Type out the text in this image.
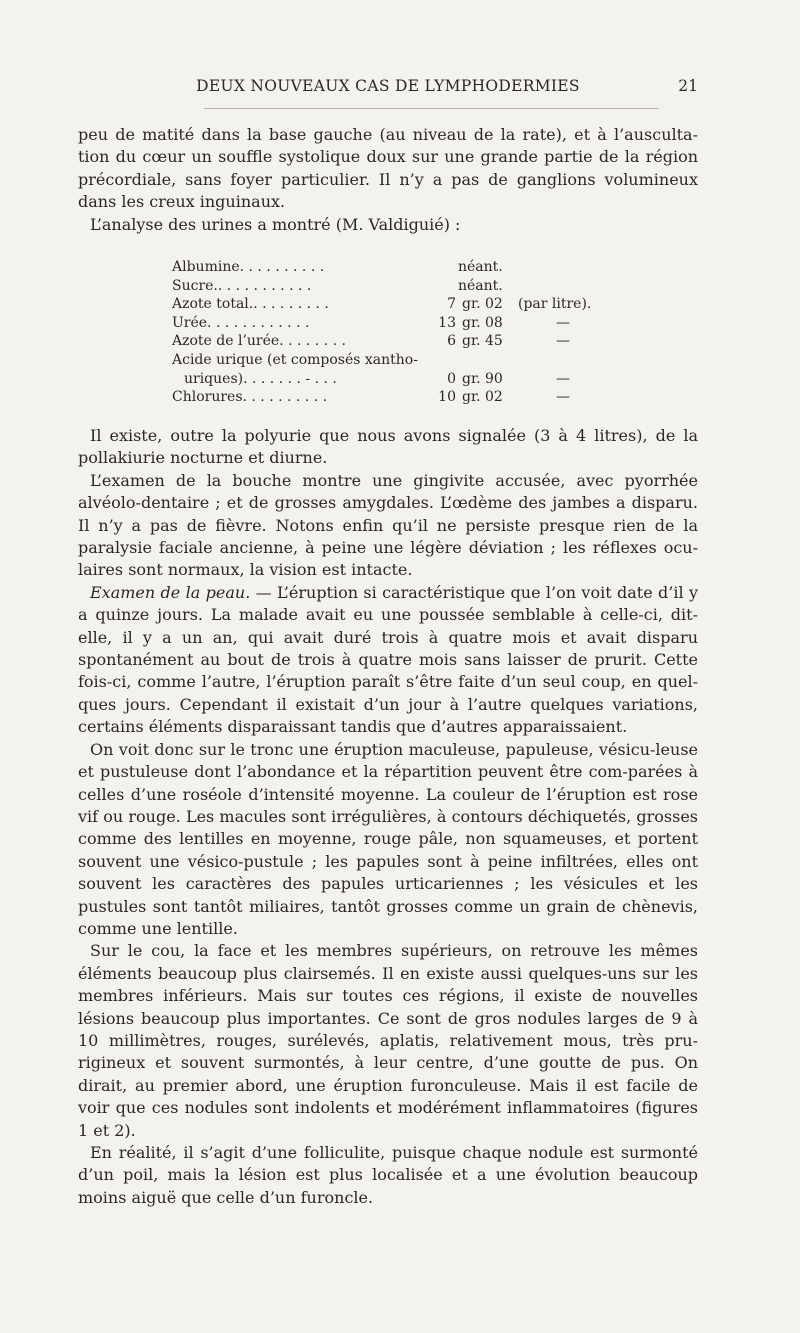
DEUX NOUVEAUX CAS DE LYMPHODERMIES	21

peu de matité dans la base gauche (au niveau de la rate), et à l’ausculta-tion du cœur un souffle systolique doux sur une grande partie de la région précordiale, sans foyer particulier. Il n’y a pas de ganglions volumineux dans les creux inguinaux.

L’analyse des urines a montré (M. Valdiguié) :

Albumine. . . . . . . . . .	néant.
Sucre.. . . . . . . . . . .	néant.
Azote total.. . . . . . . . .	7 gr. 02 (par litre).
Urée. . . . . . . . . . . .	13 gr. 08	—
Azote de l’urée. . . . . . . .	6 gr. 45	—
Acide urique (et composés xantho-
uriques). . . . . . . - . . .	0 gr. 90	—
Chlorures. . . . . . . . . .	10 gr. 02	—

Il existe, outre la polyurie que nous avons signalée (3 à 4 litres), de la pollakiurie nocturne et diurne.

L’examen de la bouche montre une gingivite accusée, avec pyorrhée alvéolo-dentaire ; et de grosses amygdales. L’œdème des jambes a disparu. Il n’y a pas de fièvre. Notons enfin qu’il ne persiste presque rien de la paralysie faciale ancienne, à peine une légère déviation ; les réflexes ocu-laires sont normaux, la vision est intacte.

Examen de la peau. — L’éruption si caractéristique que l’on voit date d’il y a quinze jours. La malade avait eu une poussée semblable à celle-ci, dit-elle, il y a un an, qui avait duré trois à quatre mois et avait disparu spontanément au bout de trois à quatre mois sans laisser de prurit. Cette fois-ci, comme l’autre, l’éruption paraît s’être faite d’un seul coup, en quel-ques jours. Cependant il existait d’un jour à l’autre quelques variations, certains éléments disparaissant tandis que d’autres apparaissaient.

On voit donc sur le tronc une éruption maculeuse, papuleuse, vésicu-leuse et pustuleuse dont l’abondance et la répartition peuvent être com-parées à celles d’une roséole d’intensité moyenne. La couleur de l’éruption est rose vif ou rouge. Les macules sont irrégulières, à contours déchiquetés, grosses comme des lentilles en moyenne, rouge pâle, non squameuses, et portent souvent une vésico-pustule ; les papules sont à peine infiltrées, elles ont souvent les caractères des papules urticariennes ; les vésicules et les pustules sont tantôt miliaires, tantôt grosses comme un grain de chènevis, comme une lentille.

Sur le cou, la face et les membres supérieurs, on retrouve les mêmes éléments beaucoup plus clairsemés. Il en existe aussi quelques-uns sur les membres inférieurs. Mais sur toutes ces régions, il existe de nouvelles lésions beaucoup plus importantes. Ce sont de gros nodules larges de 9 à 10 millimètres, rouges, surélevés, aplatis, relativement mous, très pru-rigineux et souvent surmontés, à leur centre, d’une goutte de pus. On dirait, au premier abord, une éruption furonculeuse. Mais il est facile de voir que ces nodules sont indolents et modérément inflammatoires (figures 1 et 2).

En réalité, il s’agit d’une folliculite, puisque chaque nodule est surmonté d’un poil, mais la lésion est plus localisée et a une évolution beaucoup moins aiguë que celle d’un furoncle.
